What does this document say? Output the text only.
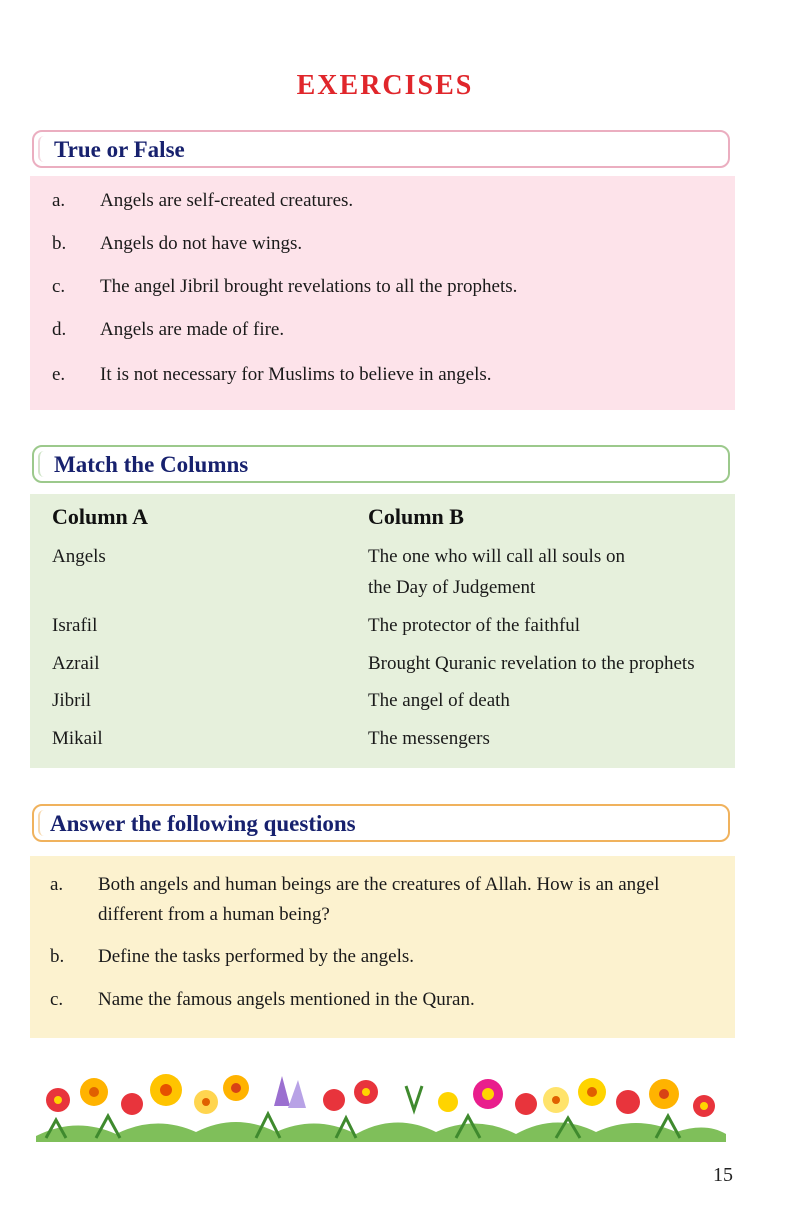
EXERCISES
True or False
a. Angels are self-created creatures.
b. Angels do not have wings.
c. The angel Jibril brought revelations to all the prophets.
d. Angels are made of fire.
e. It is not necessary for Muslims to believe in angels.
Match the Columns
Column A	Column B
Angels
Israfil
Azrail
Jibril
Mikail
The one who will call all souls on
the Day of Judgement
The protector of the faithful
Brought Quranic revelation to the prophets
The angel of death
The messengers
Answer the following questions
a. Both angels and human beings are the creatures of Allah. How is an angel different from a human being?
b. Define the tasks performed by the angels.
c. Name the famous angels mentioned in the Quran.
15
